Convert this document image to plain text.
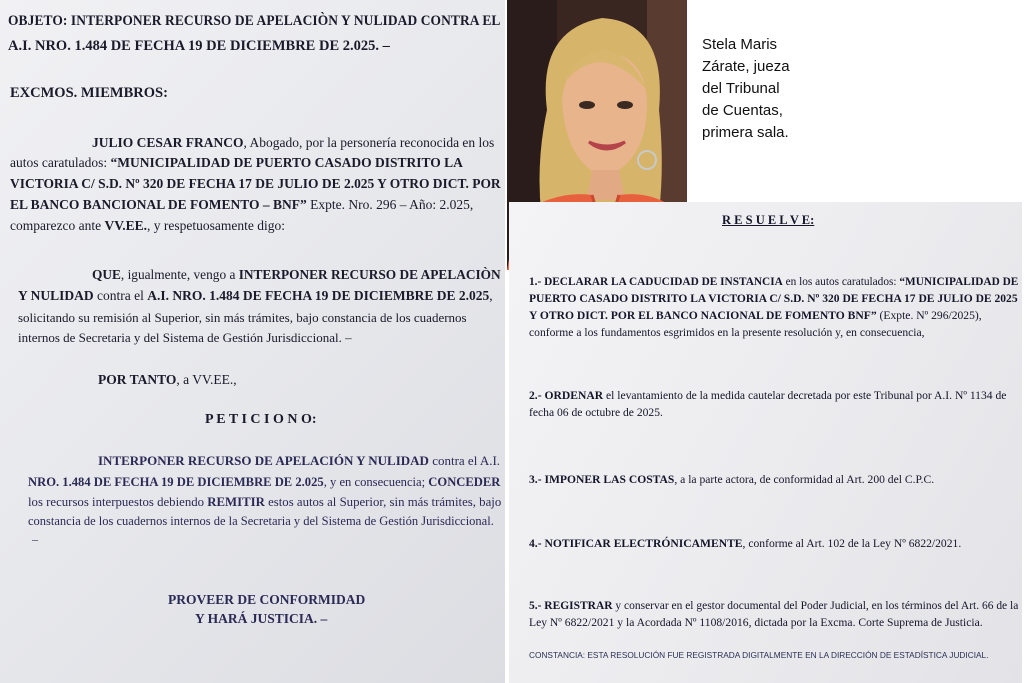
OBJETO: INTERPONER RECURSO DE APELACIÒN Y NULIDAD CONTRA EL

A.I. NRO. 1.484 DE FECHA 19 DE DICIEMBRE DE 2.025. –

EXCMOS. MIEMBROS:

JULIO CESAR FRANCO, Abogado, por la personería reconocida en los

autos caratulados: “MUNICIPALIDAD DE PUERTO CASADO DISTRITO LA

VICTORIA C/ S.D. Nº 320 DE FECHA 17 DE JULIO DE 2.025 Y OTRO DICT. POR

EL BANCO BANCIONAL DE FOMENTO – BNF” Expte. Nro. 296 – Año: 2.025,

comparezco ante VV.EE., y respetuosamente digo:

QUE, igualmente, vengo a INTERPONER RECURSO DE APELACIÒN

Y NULIDAD contra el A.I. NRO. 1.484 DE FECHA 19 DE DICIEMBRE DE 2.025,

solicitando su remisión al Superior, sin más trámites, bajo constancia de los cuadernos

internos de Secretaria y del Sistema de Gestión Jurisdiccional. –

POR TANTO, a VV.EE.,

P E T I C I O N O:

INTERPONER RECURSO DE APELACIÓN Y NULIDAD contra el A.I.

NRO. 1.484 DE FECHA 19 DE DICIEMBRE DE 2.025, y en consecuencia; CONCEDER

los recursos interpuestos debiendo REMITIR estos autos al Superior, sin más trámites, bajo

constancia de los cuadernos internos de la Secretaria y del Sistema de Gestión Jurisdiccional.

–

PROVEER DE CONFORMIDAD

Y HARÁ JUSTICIA. –

Stela Maris
Zárate, jueza
del Tribunal
de Cuentas,
primera sala.

R E S U E L V E:

1.- DECLARAR LA CADUCIDAD DE INSTANCIA en los autos caratulados: “MUNICIPALIDAD DE

PUERTO CASADO DISTRITO LA VICTORIA C/ S.D. Nº 320 DE FECHA 17 DE JULIO DE 2025

Y OTRO DICT. POR EL BANCO NACIONAL DE FOMENTO BNF” (Expte. Nº 296/2025),

conforme a los fundamentos esgrimidos en la presente resolución y, en consecuencia,

2.- ORDENAR el levantamiento de la medida cautelar decretada por este Tribunal por A.I. Nº 1134 de

fecha 06 de octubre de 2025.

3.- IMPONER LAS COSTAS, a la parte actora, de conformidad al Art. 200 del C.P.C.

4.- NOTIFICAR ELECTRÓNICAMENTE, conforme al Art. 102 de la Ley Nº 6822/2021.

5.- REGISTRAR y conservar en el gestor documental del Poder Judicial, en los términos del Art. 66 de la

Ley Nº 6822/2021 y la Acordada Nº 1108/2016, dictada por la Excma. Corte Suprema de Justicia.

CONSTANCIA: ESTA RESOLUCIÓN FUE REGISTRADA DIGITALMENTE EN LA DIRECCIÓN DE ESTADÍSTICA JUDICIAL.
